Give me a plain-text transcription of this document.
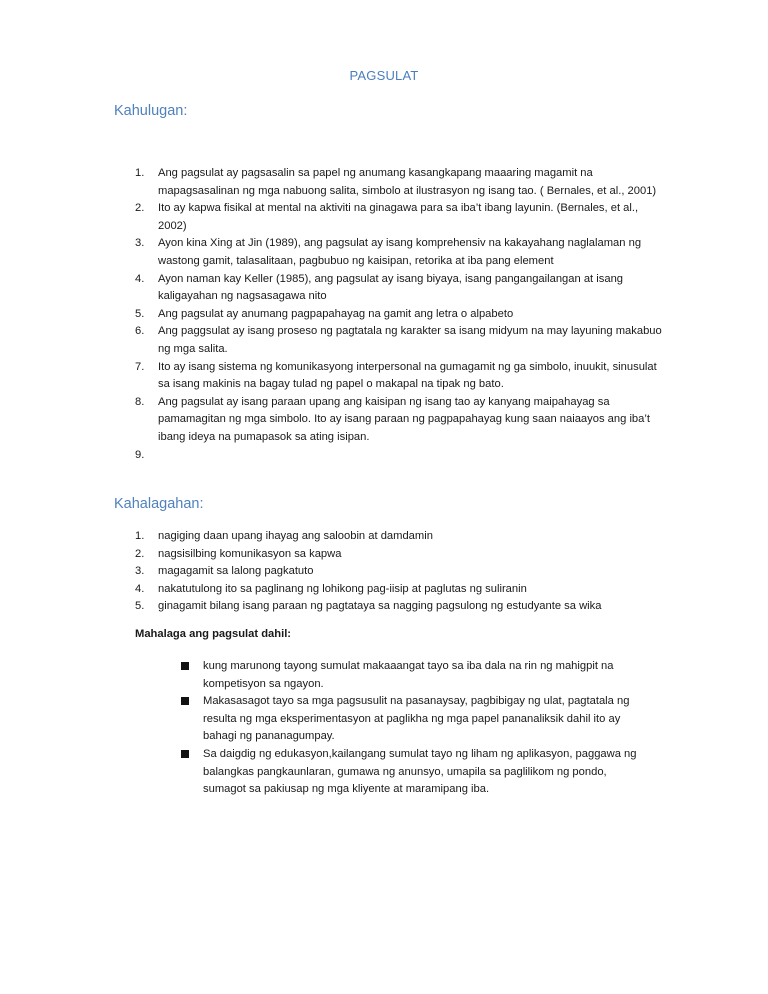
PAGSULAT
Kahulugan:
1. Ang pagsulat ay pagsasalin sa papel ng anumang kasangkapang maaaring magamit na mapagsasalinan ng mga nabuong salita, simbolo at ilustrasyon ng isang tao. ( Bernales, et al., 2001)
2. Ito ay kapwa fisikal at mental na aktiviti na ginagawa para sa iba’t ibang layunin. (Bernales, et al., 2002)
3. Ayon kina Xing at Jin (1989), ang pagsulat ay isang komprehensiv na kakayahang naglalaman ng wastong gamit, talasalitaan, pagbubuo ng kaisipan, retorika at iba pang element
4. Ayon naman kay Keller (1985), ang pagsulat ay isang biyaya, isang pangangailangan at isang kaligayahan ng nagsasagawa nito
5. Ang pagsulat ay anumang pagpapahayag na gamit ang letra o alpabeto
6. Ang paggsulat ay isang proseso ng pagtatala ng karakter sa isang midyum na may layuning makabuo ng mga salita.
7. Ito ay isang sistema ng komunikasyong interpersonal na gumagamit ng ga simbolo, inuukit, sinusulat sa isang makinis na bagay tulad ng papel o makapal na tipak ng bato.
8. Ang pagsulat ay isang paraan upang ang kaisipan ng isang tao ay kanyang maipahayag sa pamamagitan ng mga simbolo. Ito ay isang paraan ng pagpapahayag kung saan naiaayos ang iba’t ibang ideya na pumapasok sa ating isipan.
9.

Kahalagahan:
1. nagiging daan upang ihayag ang saloobin at damdamin
2. nagsisilbing komunikasyon sa kapwa
3. magagamit sa lalong pagkatuto
4. nakatutulong ito sa paglinang ng lohikong pag-iisip at paglutas ng suliranin
5. ginagamit bilang isang paraan ng pagtataya sa nagging pagsulong ng estudyante sa wika

Mahalaga ang pagsulat dahil:

kung marunong tayong sumulat makaaangat tayo sa iba dala na rin ng mahigpit na kompetisyon sa ngayon.
Makasasagot tayo sa mga pagsusulit na pasanaysay, pagbibigay ng ulat, pagtatala ng resulta ng mga eksperimentasyon at paglikha ng mga papel pananaliksik dahil ito ay bahagi ng pananagumpay.
Sa daigdig ng edukasyon,kailangang sumulat tayo ng liham ng aplikasyon, paggawa ng balangkas pangkaunlaran, gumawa ng anunsyo, umapila sa paglilikom ng pondo, sumagot sa pakiusap ng mga kliyente at maramipang iba.
